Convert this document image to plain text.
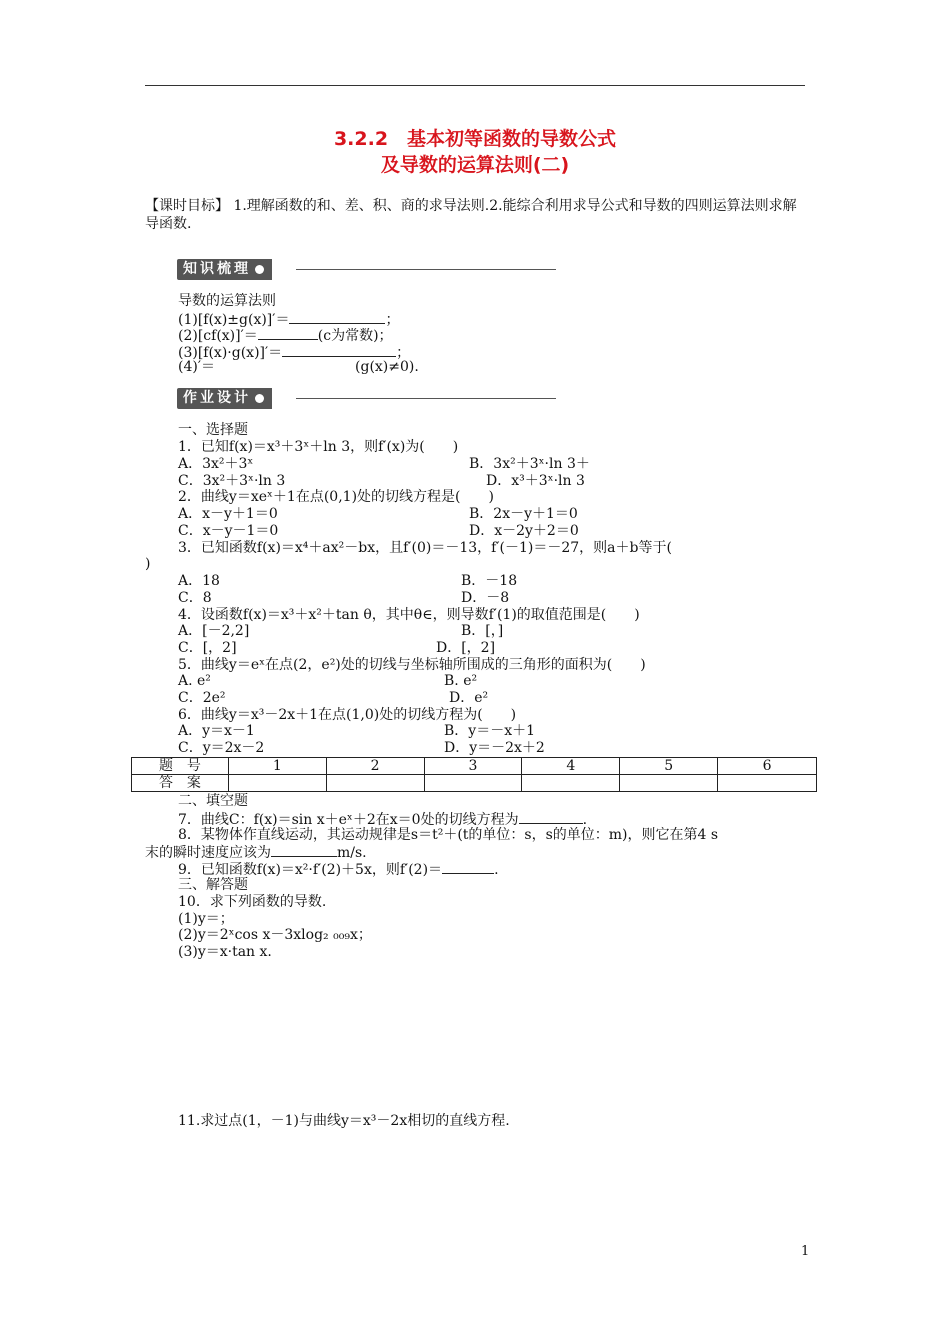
3.2.2　基本初等函数的导数公式
及导数的运算法则(二)
【课时目标】 1.理解函数的和、差、积、商的求导法则.2.能综合利用求导公式和导数的四则运算法则求解导函数.
知识梳理
导数的运算法则
(1)[f(x)±g(x)]′＝	；
(2)[cf(x)]′＝	(c为常数)；
(3)[f(x)·g(x)]′＝	；
(4)′＝	(g(x)≠0).
作业设计
一、选择题
1．已知f(x)＝x³＋3ˣ＋ln 3，则f′(x)为(　　)
A．3x²＋3ˣ	B．3x²＋3ˣ·ln 3＋
C．3x²＋3ˣ·ln 3	D．x³＋3ˣ·ln 3
2．曲线y＝xeˣ＋1在点(0,1)处的切线方程是(　　)
A．x－y＋1＝0	B．2x－y＋1＝0
C．x－y－1＝0	D．x－2y＋2＝0
3．已知函数f(x)＝x⁴＋ax²－bx，且f′(0)＝－13，f′(－1)＝－27，则a＋b等于(
)
A．18	B．－18
C．8	D．－8
4．设函数f(x)＝x³＋x²＋tan θ，其中θ∈，则导数f′(1)的取值范围是(　　)
A．[－2,2]	B．[，]
C．[，2]	D．[，2]
5．曲线y＝eˣ在点(2，e²)处的切线与坐标轴所围成的三角形的面积为(　　)
A. e²	B. e²
C．2e²	D．e²
6．曲线y＝x³－2x＋1在点(1,0)处的切线方程为(　　)
A．y＝x－1	B．y＝－x＋1
C．y＝2x－2	D．y＝－2x＋2
题　号	1	2	3	4	5	6
答　案						
二、填空题
7．曲线C：f(x)＝sin x＋eˣ＋2在x＝0处的切线方程为	.
8．某物体作直线运动，其运动规律是s＝t²＋(t的单位：s，s的单位：m)，则它在第4 s
末的瞬时速度应该为	m/s.
9．已知函数f(x)＝x²·f′(2)＋5x，则f′(2)＝	.
三、解答题
10．求下列函数的导数.
(1)y＝；
(2)y＝2ˣcos x－3xlog₂ ₀₀₉x；
(3)y＝x·tan x.
11.求过点(1，－1)与曲线y＝x³－2x相切的直线方程.
1
